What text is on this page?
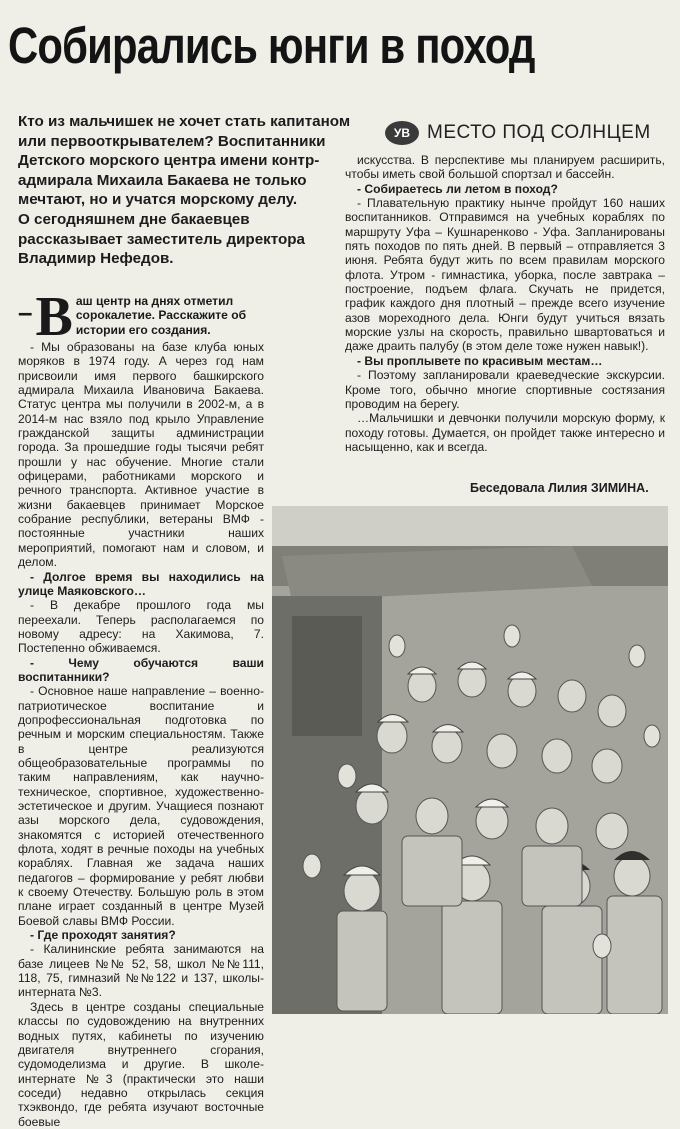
Собирались юнги в поход

Кто из мальчишек не хочет стать капитаном или первооткрывателем? Воспитанники Детского морского центра имени контр-адмирала Михаила Бакаева не только мечтают, но и учатся морскому делу.

О сегодняшнем дне бакаевцев рассказывает заместитель директора Владимир Нефедов.

УВ МЕСТО ПОД СОЛНЦЕМ
– В аш центр на днях отметил сорокалетие. Расскажите об истории его создания.

- Мы образованы на базе клуба юных моряков в 1974 году. А через год нам присвоили имя первого башкирского адмирала Михаила Ивановича Бакаева. Статус центра мы получили в 2002-м, а в 2014-м нас взяло под крыло Управление гражданской защиты администрации города. За прошедшие годы тысячи ребят прошли у нас обучение. Многие стали офицерами, работниками морского и речного транспорта. Активное участие в жизни бакаевцев принимает Морское собрание республики, ветераны ВМФ - постоянные участники наших мероприятий, помогают нам и словом, и делом.

- Долгое время вы находились на улице Маяковского…

- В декабре прошлого года мы переехали. Теперь располагаемся по новому адресу: на Хакимова, 7. Постепенно обживаемся.

- Чему обучаются ваши воспитанники?

- Основное наше направление – военно-патриотическое воспитание и допрофессиональная подготовка по речным и морским специальностям. Также в центре реализуются общеобразовательные программы по таким направлениям, как научно-техническое, спортивное, художественно-эстетическое и другим. Учащиеся познают азы морского дела, судовождения, знакомятся с историей отечественного флота, ходят в речные походы на учебных кораблях. Главная же задача наших педагогов – формирование у ребят любви к своему Отечеству. Большую роль в этом плане играет созданный в центре Музей Боевой славы ВМФ России.

- Где проходят занятия?

- Калининские ребята занимаются на базе лицеев №№ 52, 58, школ №№111, 118, 75, гимназий №№122 и 137, школы-интерната №3.

Здесь в центре созданы специальные классы по судовождению на внутренних водных путях, кабинеты по изучению двигателя внутреннего сгорания, судомоделизма и другие. В школе-интернате №3 (практически это наши соседи) недавно открылась секция тхэквондо, где ребята изучают восточные боевые

искусства. В перспективе мы планируем расширить, чтобы иметь свой большой спортзал и бассейн.

- Собираетесь ли летом в поход?

- Плавательную практику нынче пройдут 160 наших воспитанников. Отправимся на учебных кораблях по маршруту Уфа – Кушнаренково - Уфа. Запланированы пять походов по пять дней. В первый – отправляется 3 июня. Ребята будут жить по всем правилам морского флота. Утром - гимнастика, уборка, после завтрака – построение, подъем флага. Скучать не придется, график каждого дня плотный – прежде всего изучение азов мореходного дела. Юнги будут учиться вязать морские узлы на скорость, правильно швартоваться и даже драить палубу (в этом деле тоже нужен навык!).

- Вы проплывете по красивым местам…

- Поэтому запланировали краеведческие экскурсии. Кроме того, обычно многие спортивные состязания проводим на берегу.

…Мальчишки и девчонки получили морскую форму, к походу готовы. Думается, он пройдет также интересно и насыщенно, как и всегда.

Беседовала Лилия ЗИМИНА.
